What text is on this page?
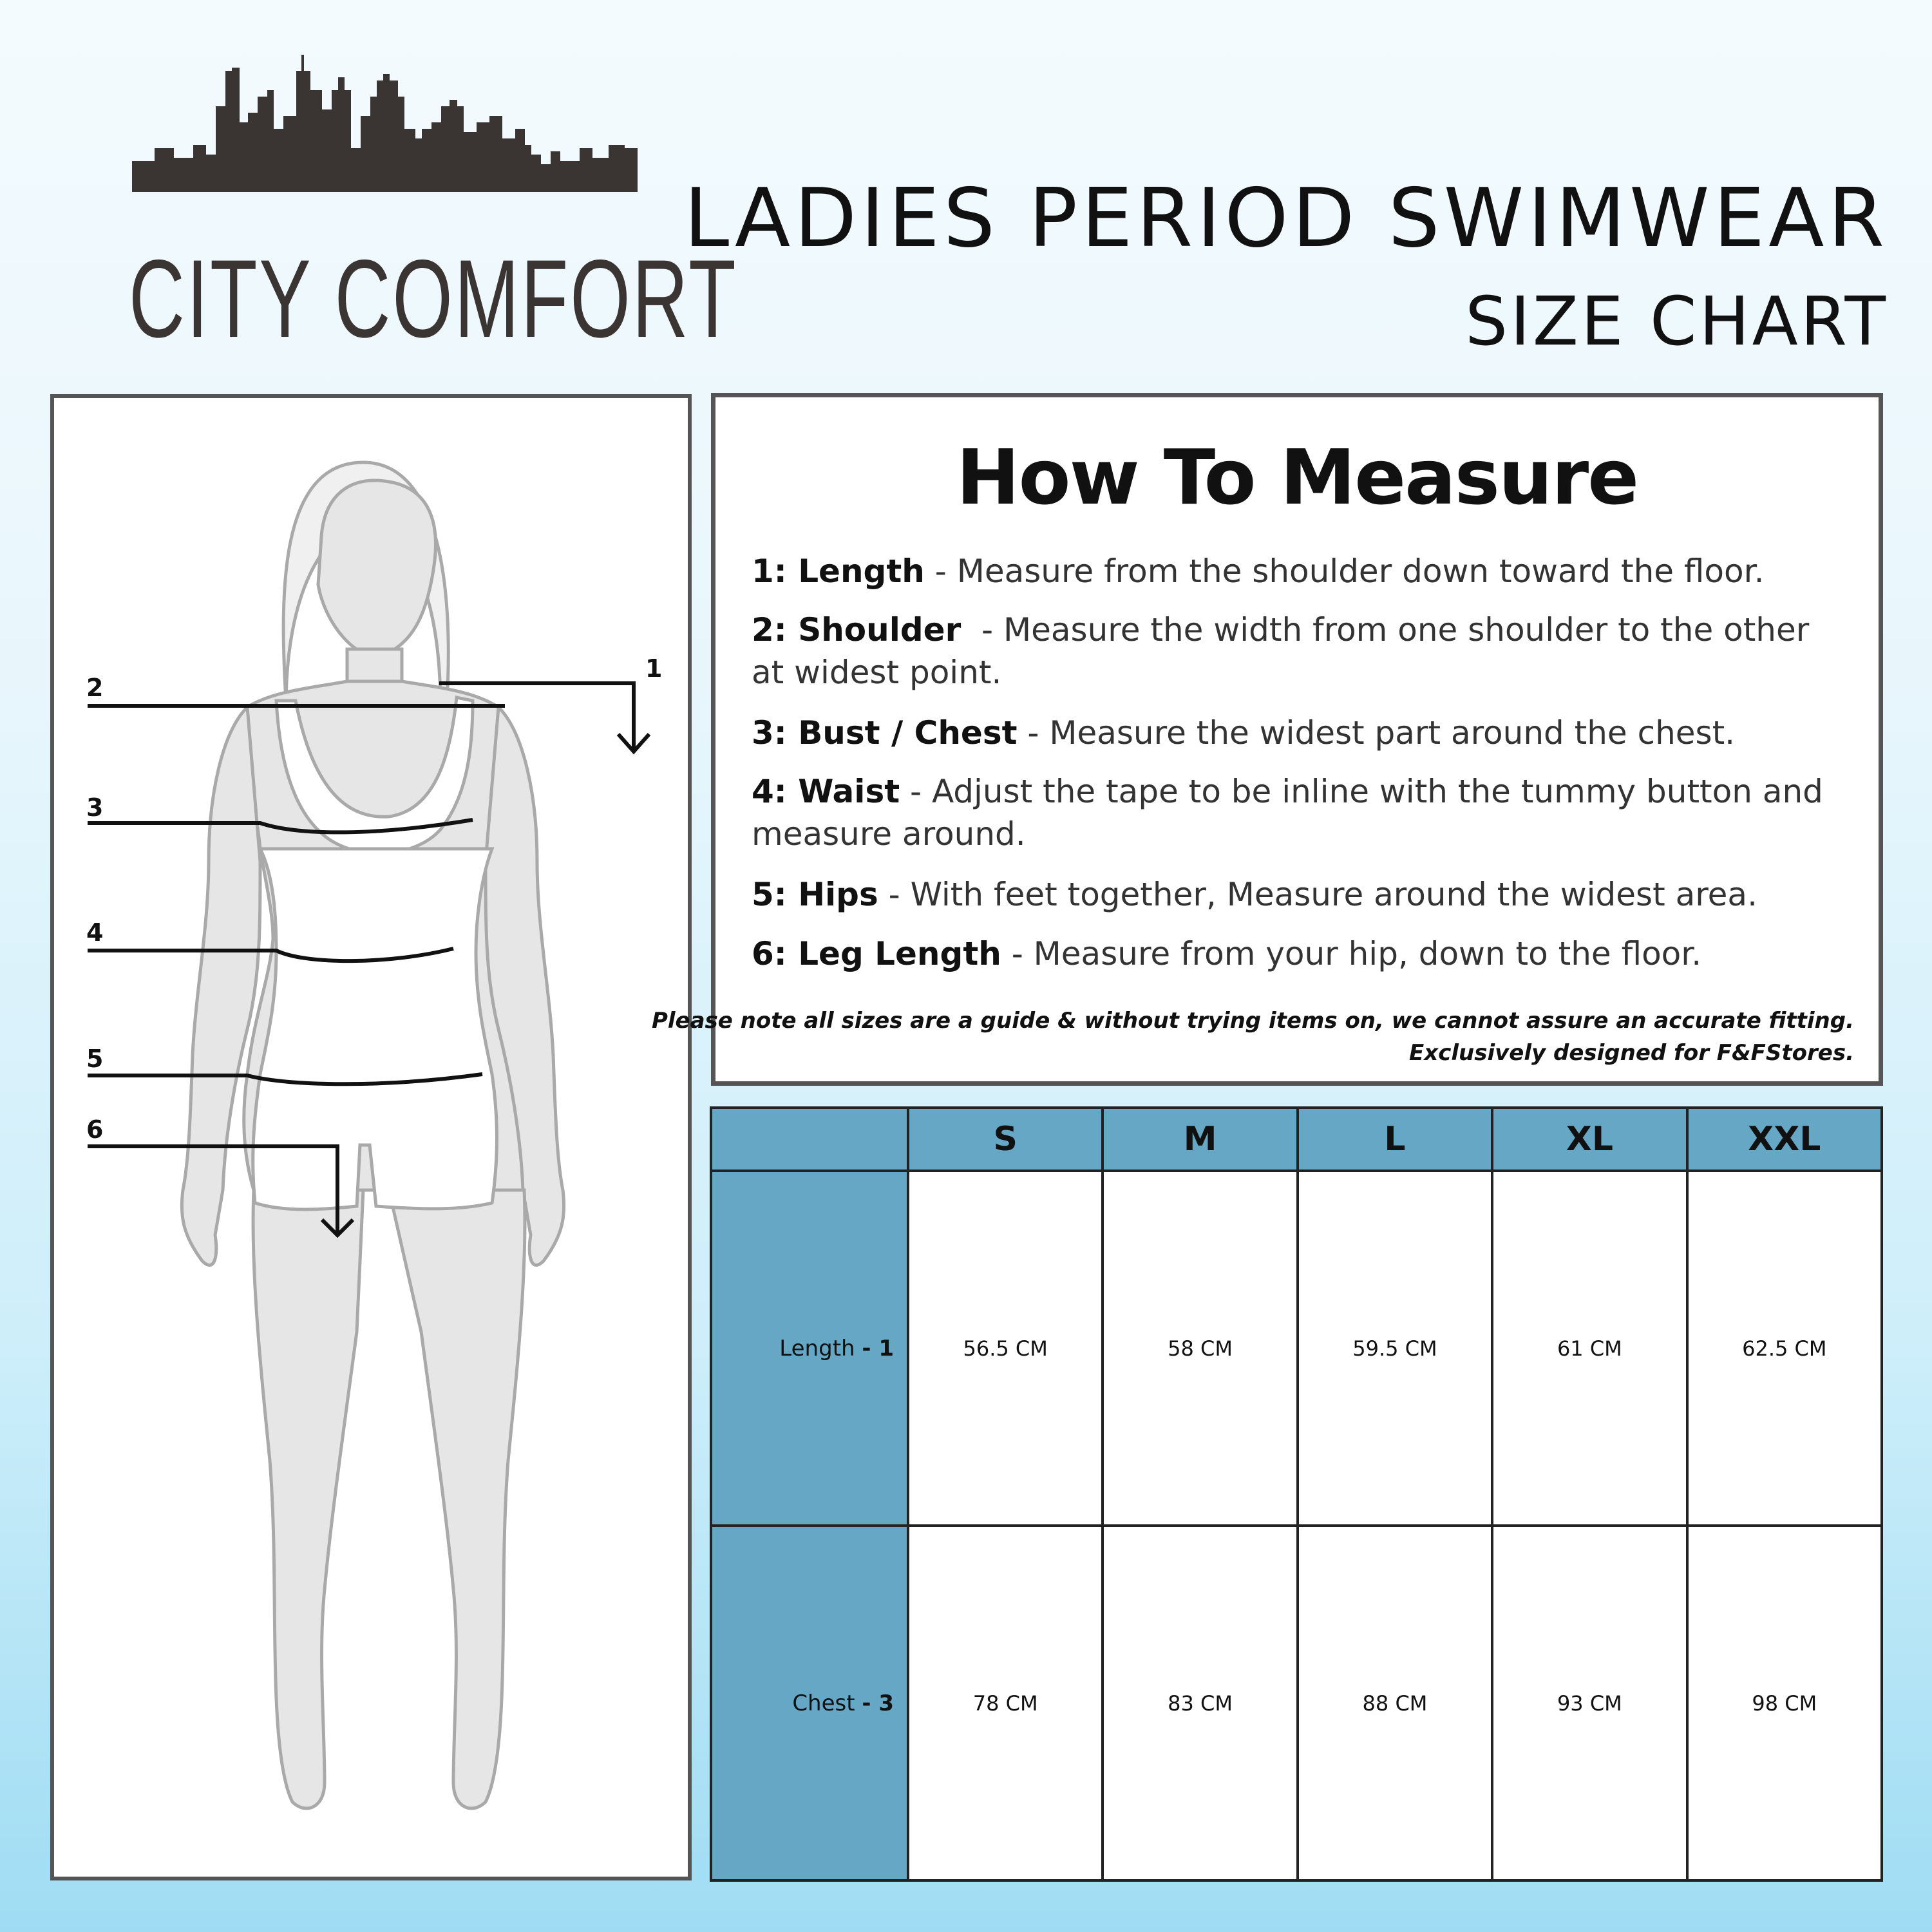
CITY COMFORT
LADIES PERIOD SWIMWEAR
SIZE CHART
1
2
3
4
5
6
How To Measure
1: Length - Measure from the shoulder down toward the floor.
2: Shoulder  - Measure the width from one shoulder to the other at widest point.
3: Bust / Chest - Measure the widest part around the chest.
4: Waist - Adjust the tape to be inline with the tummy button and measure around.
5: Hips - With feet together, Measure around the widest area.
6: Leg Length - Measure from your hip, down to the floor.
Please note all sizes are a guide & without trying items on, we cannot assure an accurate fitting.
Exclusively designed for F&FStores.
	S	M	L	XL	XXL
Length - 1	56.5 CM	58 CM	59.5 CM	61 CM	62.5 CM
Chest - 3	78 CM	83 CM	88 CM	93 CM	98 CM
